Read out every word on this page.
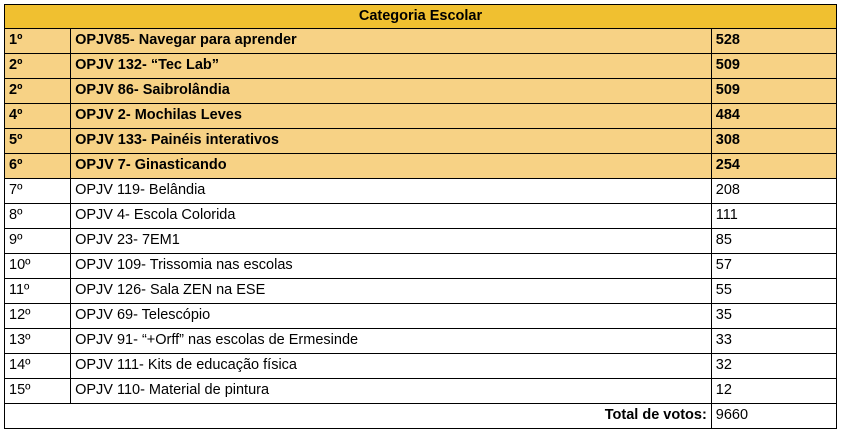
Categoria Escolar		
1º	OPJV85- Navegar para aprender	528
2º	OPJV 132- “Tec Lab”	509
2º	OPJV 86- Saibrolândia	509
4º	OPJV 2- Mochilas Leves	484
5º	OPJV 133- Painéis interativos	308
6º	OPJV 7- Ginasticando	254
7º	OPJV 119- Belândia	208
8º	OPJV 4- Escola Colorida	111
9º	OPJV 23- 7EM1	85
10º	OPJV 109- Trissomia nas escolas	57
11º	OPJV 126- Sala ZEN na ESE	55
12º	OPJV 69- Telescópio	35
13º	OPJV 91- “+Orff” nas escolas de Ermesinde	33
14º	OPJV 111- Kits de educação física	32
15º	OPJV 110- Material de pintura	12
Total de votos:		9660
